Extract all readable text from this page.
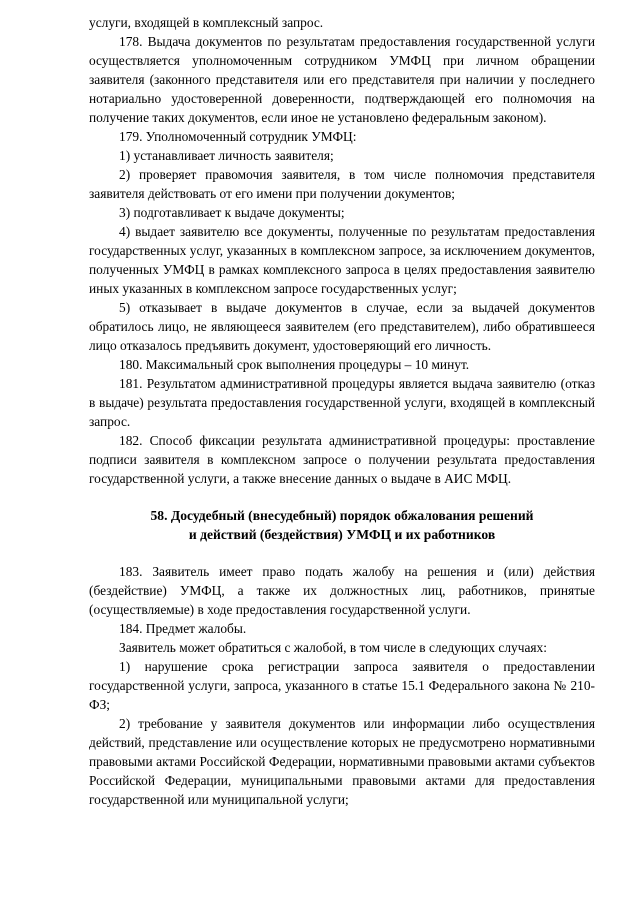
услуги, входящей в комплексный запрос.

178. Выдача документов по результатам предоставления государственной услуги осуществляется уполномоченным сотрудником УМФЦ при личном обращении заявителя (законного представителя или его представителя при наличии у последнего нотариально удостоверенной доверенности, подтверждающей его полномочия на получение таких документов, если иное не установлено федеральным законом).

179. Уполномоченный сотрудник УМФЦ:

1) устанавливает личность заявителя;

2) проверяет правомочия заявителя, в том числе полномочия представителя заявителя действовать от его имени при получении документов;

3) подготавливает к выдаче документы;

4) выдает заявителю все документы, полученные по результатам предоставления государственных услуг, указанных в комплексном запросе, за исключением документов, полученных УМФЦ в рамках комплексного запроса в целях предоставления заявителю иных указанных в комплексном запросе государственных услуг;

5) отказывает в выдаче документов в случае, если за выдачей документов обратилось лицо, не являющееся заявителем (его представителем), либо обратившееся лицо отказалось предъявить документ, удостоверяющий его личность.

180. Максимальный срок выполнения процедуры – 10 минут.

181. Результатом административной процедуры является выдача заявителю (отказ в выдаче) результата предоставления государственной услуги, входящей в комплексный запрос.

182. Способ фиксации результата административной процедуры: проставление подписи заявителя в комплексном запросе о получении результата предоставления государственной услуги, а также внесение данных о выдаче в АИС МФЦ.

58. Досудебный (внесудебный) порядок обжалования решений
и действий (бездействия) УМФЦ и их работников

183. Заявитель имеет право подать жалобу на решения и (или) действия (бездействие) УМФЦ, а также их должностных лиц, работников, принятые (осуществляемые) в ходе предоставления государственной услуги.

184. Предмет жалобы.

Заявитель может обратиться с жалобой, в том числе в следующих случаях:

1) нарушение срока регистрации запроса заявителя о предоставлении государственной услуги, запроса, указанного в статье 15.1 Федерального закона № 210-ФЗ;

2) требование у заявителя документов или информации либо осуществления действий, представление или осуществление которых не предусмотрено нормативными правовыми актами Российской Федерации, нормативными правовыми актами субъектов Российской Федерации, муниципальными правовыми актами для предоставления государственной или муниципальной услуги;
